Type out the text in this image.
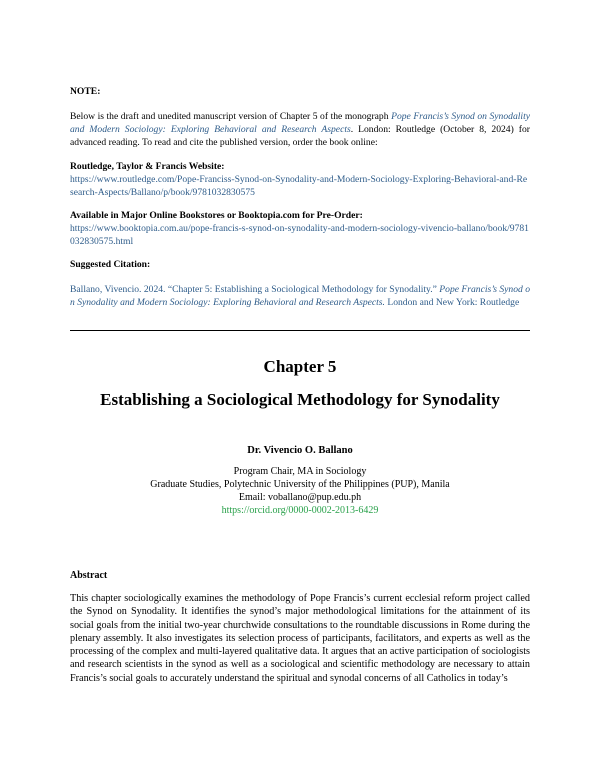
NOTE:
Below is the draft and unedited manuscript version of Chapter 5 of the monograph Pope Francis’s Synod on Synodality and Modern Sociology: Exploring Behavioral and Research Aspects. London: Routledge (October 8, 2024) for advanced reading. To read and cite the published version, order the book online:
Routledge, Taylor & Francis Website:
https://www.routledge.com/Pope-Franciss-Synod-on-Synodality-and-Modern-Sociology-Exploring-Behavioral-and-Research-Aspects/Ballano/p/book/9781032830575
Available in Major Online Bookstores or Booktopia.com for Pre-Order:
https://www.booktopia.com.au/pope-francis-s-synod-on-synodality-and-modern-sociology-vivencio-ballano/book/9781032830575.html
Suggested Citation:
Ballano, Vivencio. 2024. “Chapter 5: Establishing a Sociological Methodology for Synodality.” Pope Francis’s Synod on Synodality and Modern Sociology: Exploring Behavioral and Research Aspects. London and New York: Routledge
Chapter 5
Establishing a Sociological Methodology for Synodality
Dr. Vivencio O. Ballano
Program Chair, MA in Sociology
Graduate Studies, Polytechnic University of the Philippines (PUP), Manila
Email: voballano@pup.edu.ph
https://orcid.org/0000-0002-2013-6429
Abstract
This chapter sociologically examines the methodology of Pope Francis’s current ecclesial reform project called the Synod on Synodality. It identifies the synod’s major methodological limitations for the attainment of its social goals from the initial two-year churchwide consultations to the roundtable discussions in Rome during the plenary assembly. It also investigates its selection process of participants, facilitators, and experts as well as the processing of the complex and multi-layered qualitative data. It argues that an active participation of sociologists and research scientists in the synod as well as a sociological and scientific methodology are necessary to attain Francis’s social goals to accurately understand the spiritual and synodal concerns of all Catholics in today’s
